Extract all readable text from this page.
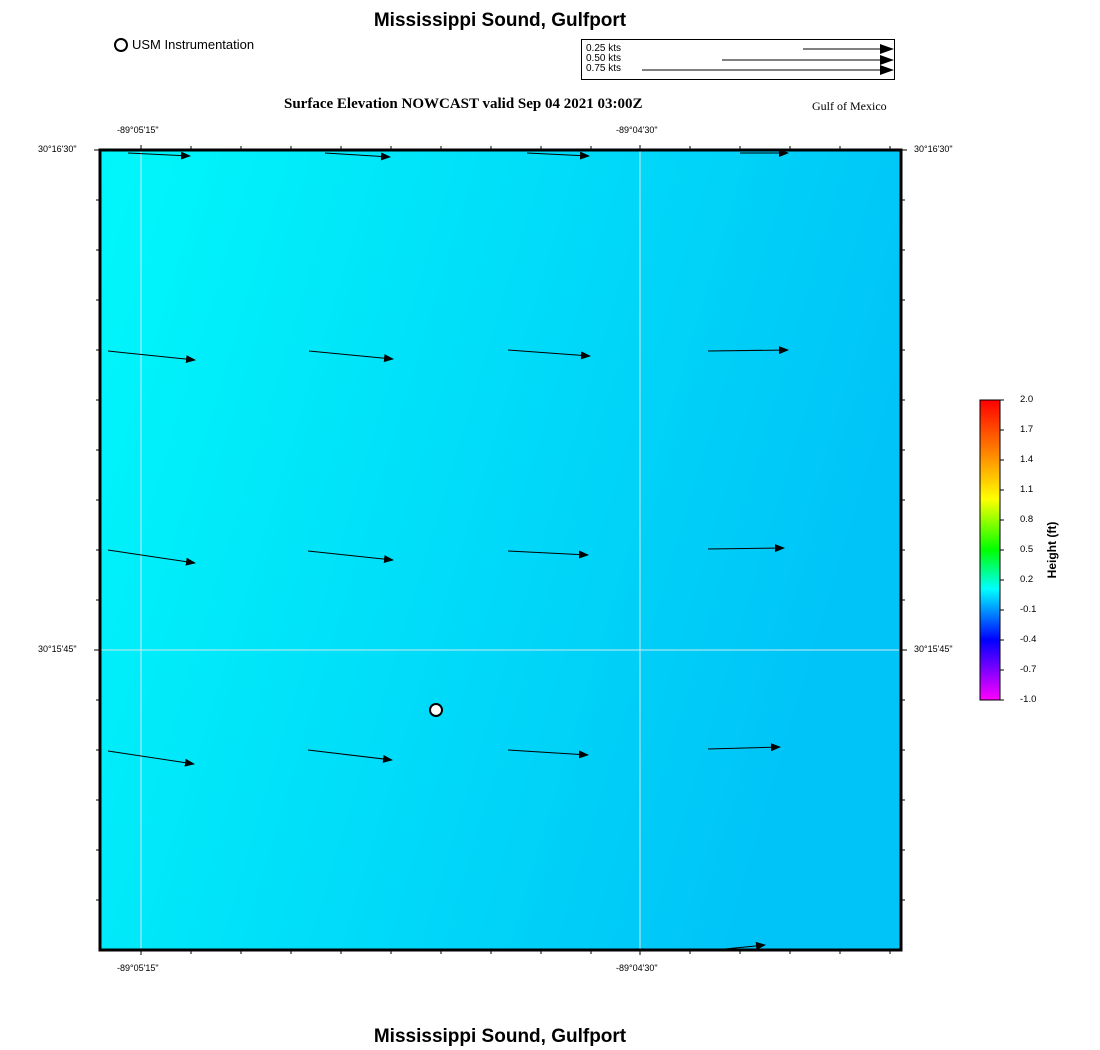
Mississippi Sound, Gulfport
USM Instrumentation	0.25 kts
0.50 kts
0.75 kts
Surface Elevation NOWCAST valid Sep 04 2021 03:00Z	Gulf of Mexico
-89°05'15"	-89°04'30"
-89°05'15"	-89°04'30"
30°16'30"
30°15'45"
30°16'30"
30°15'45"
2.0
1.7
1.4
1.1
0.8
0.5
0.2
-0.1
-0.4
-0.7
-1.0
Height (ft)
Mississippi Sound, Gulfport
